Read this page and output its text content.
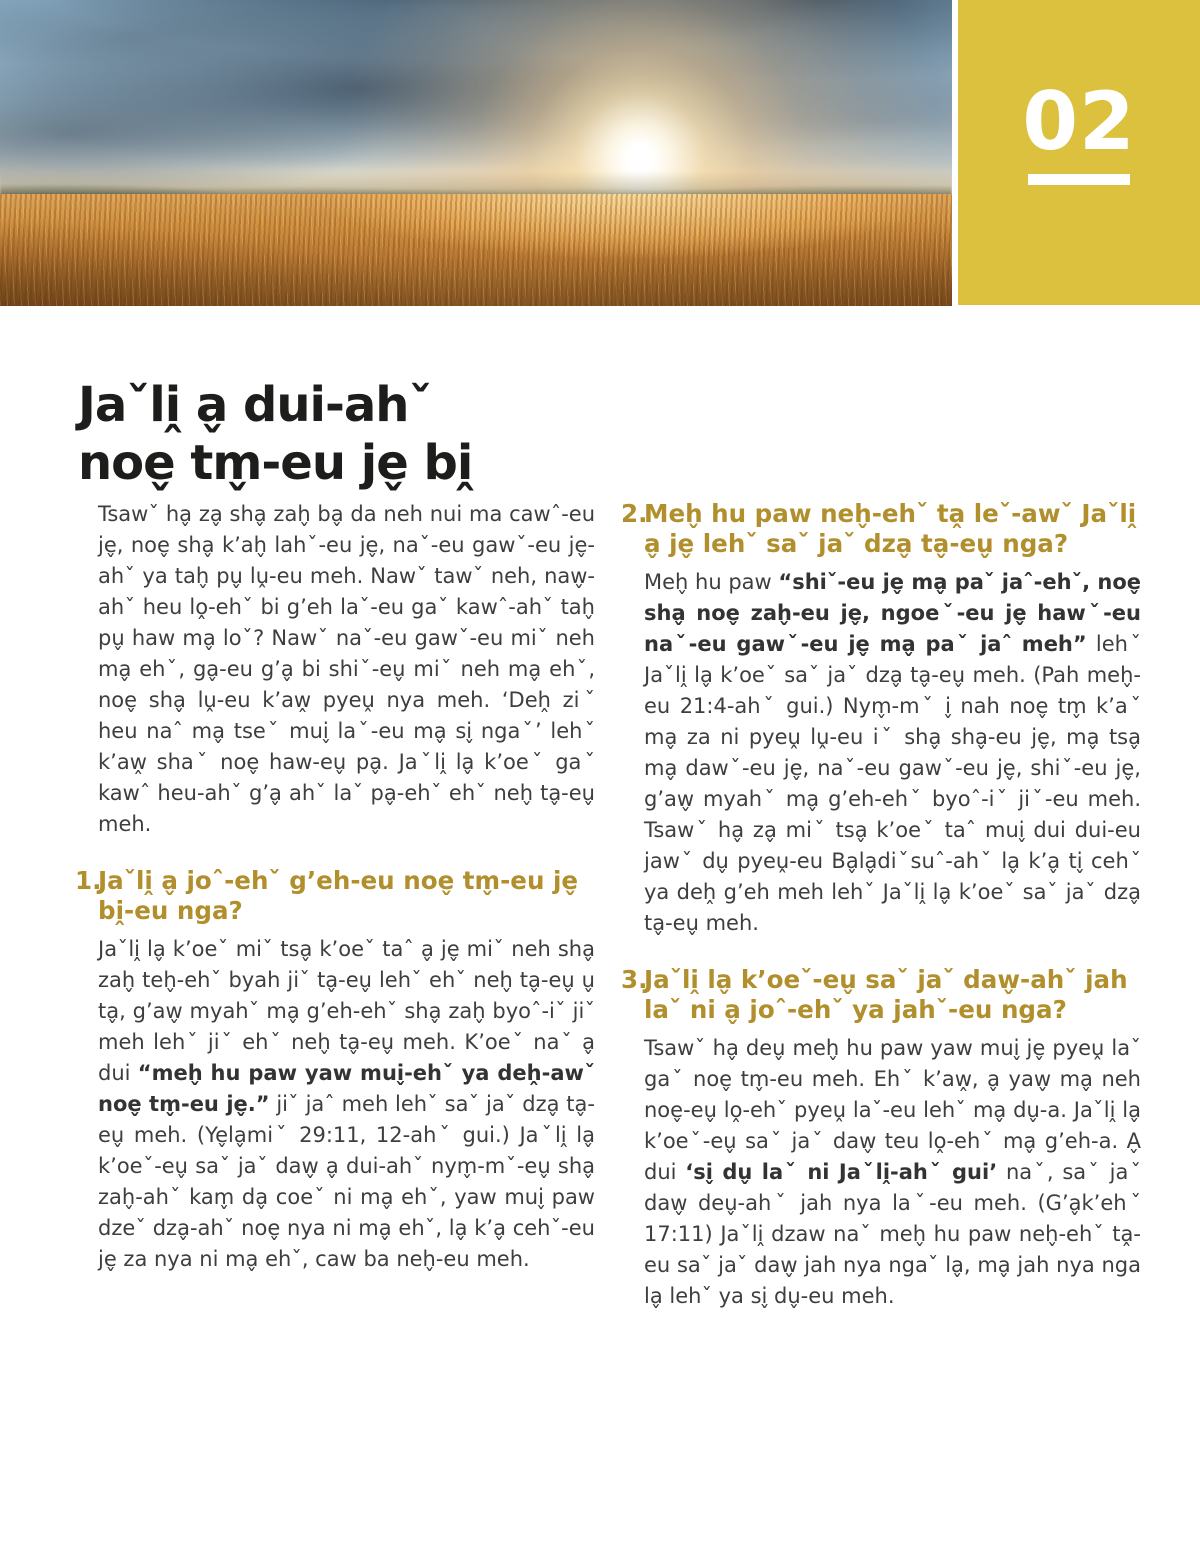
02
Jaˇli̭ a̬ dui-ahˇ
noe̬ tm̬-eu je̬ bi̭

Tsawˇ ha̬ za̬ sha̬ zah̬ ba̬ da neh nui ma cawˆ-eu je̬, noe̬ sha̬ k’ah̬ lahˇ-eu je̬, naˇ-eu gawˇ-eu je̬-ahˇ ya tah̬ pu̬ lṷ-eu meh. Nawˇ tawˇ neh, naw̬-ahˇ heu lo̭-ehˇ bi g’eh laˇ-eu gaˇ kawˆ-ahˇ tah̬ pu̬ haw ma̬ loˇ? Nawˇ naˇ-eu gawˇ-eu miˇ neh ma̬ ehˇ, ga̬-eu g’a̬ bi shiˇ-eu̬ miˇ neh ma̬ ehˇ, noe̬ sha̬ lṷ-eu k’aw̭ pyeṷ nya meh. ‘Deh̭ ziˇ heu naˆ ma̬ tseˇ mui̬ laˇ-eu ma̬ si̬ ngaˇ’ lehˇ k’aw̭ shaˇ noe̬ haw-eu̬ pa̬. Jaˇli̭ la̬ k’oeˇ gaˇ kawˆ heu-ahˇ g’a̬ ahˇ laˇ pa̬-ehˇ ehˇ neh̬ ta̬-eu̬ meh.

1.Jaˇli̭ a̬ joˆ-ehˇ g’eh-eu noe̬ tm̬-eu je̬ bi̭-eu nga?

Jaˇli̭ la̬ k’oeˇ miˇ tsa̬ k’oeˇ taˆ a̬ je̬ miˇ neh sha̬ zah̬ teh̬-ehˇ byah jiˇ ta̬-eu̬ lehˇ ehˇ neh̬ ta̬-eu̬ u̬ ta̬, g’aw̬ myahˇ ma̬ g’eh-ehˇ sha̬ zah̬ byoˆ-iˇ jiˇ meh lehˇ jiˇ ehˇ neh̬ ta̬-eu̬ meh. K’oeˇ naˇ a̬ dui “meh̬ hu paw yaw mui̬-ehˇ ya deh̭-awˇ noe̬ tm̬-eu je̬.” jiˇ jaˆ meh lehˇ saˇ jaˇ dza̬ ta̬-eu̬ meh. (Ye̬la̬miˇ 29:11, 12-ahˇ gui.) Jaˇli̭ la̬ k’oeˇ-eu̬ saˇ jaˇ daw̬ a̬ dui-ahˇ nym̬-mˇ-eu̬ sha̬ zah̬-ahˇ kam̬ da̬ coeˇ ni ma̬ ehˇ, yaw mui̬ paw dzeˇ dza̬-ahˇ noe̬ nya ni ma̬ ehˇ, la̬ k’a̬ cehˇ-eu je̬ za nya ni ma̬ ehˇ, caw ba neh̬-eu meh.

2.Meh̬ hu paw neh̬-ehˇ ta̭ leˇ-awˇ Jaˇli̭ a̬ je̬ lehˇ saˇ jaˇ dza̬ ta̬-eu̬ nga?

Meh̬ hu paw “shiˇ-eu je̬ ma̬ paˇ jaˆ-ehˇ, noe̬ sha̬ noe̬ zah̬-eu je̬, ngoeˇ-eu je̬ hawˇ-eu naˇ-eu gawˇ-eu je̬ ma̬ paˇ jaˆ meh” lehˇ Jaˇli̭ la̬ k’oeˇ saˇ jaˇ dza̬ ta̬-eu̬ meh. (Pah meh̬-eu 21:4-ahˇ gui.) Nym̬-mˇ i̬ nah noe̬ tm̬ k’aˇ ma̬ za ni pyeṷ lṷ-eu iˇ sha̬ sha̬-eu je̬, ma̬ tsa̬ ma̬ dawˇ-eu je̬, naˇ-eu gawˇ-eu je̬, shiˇ-eu je̬, g’aw̬ myahˇ ma̬ g’eh-ehˇ byoˆ-iˇ jiˇ-eu meh. Tsawˇ ha̬ za̬ miˇ tsa̬ k’oeˇ taˆ mui̬ dui dui-eu jawˇ du̬ pyeṷ-eu Ba̬la̬diˇsuˆ-ahˇ la̬ k’a̬ ti̬ cehˇ ya deh̭ g’eh meh lehˇ Jaˇli̭ la̬ k’oeˇ saˇ jaˇ dza̬ ta̬-eu̬ meh.

3.Jaˇli̭ la̬ k’oeˇ-eu̬ saˇ jaˇ daw̬-ahˇ jah laˇ ni a̬ joˆ-ehˇ ya jahˇ-eu nga?

Tsawˇ ha̬ deu̬ meh̬ hu paw yaw mui̬ je̬ pyeṷ laˇ gaˇ noe̬ tm̬-eu meh. Ehˇ k’aw̭, a̬ yaw̬ ma̬ neh noe̬-eu̬ lo̭-ehˇ pyeṷ laˇ-eu lehˇ ma̬ du̬-a. Jaˇli̭ la̬ k’oeˇ-eu̬ saˇ jaˇ daw̬ teu lo̭-ehˇ ma̬ g’eh-a. A̬ dui ‘si̬ du̬ laˇ ni Jaˇli̭-ahˇ gui’ naˇ, saˇ jaˇ daw̬ deu̬-ahˇ jah nya laˇ-eu meh. (G’a̬k’ehˇ 17:11) Jaˇli̭ dzaw naˇ meh̬ hu paw neh̬-ehˇ ta̭-eu saˇ jaˇ daw̬ jah nya ngaˇ la̬, ma̬ jah nya nga la̬ lehˇ ya si̬ du̬-eu meh.
